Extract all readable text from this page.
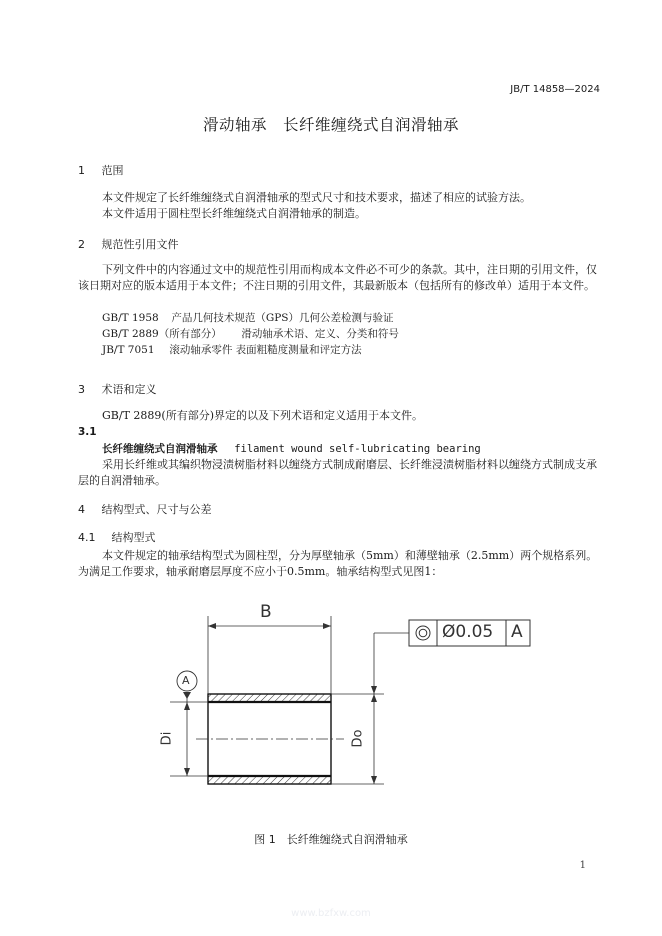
JB/T 14858—2024
滑动轴承　长纤维缠绕式自润滑轴承
1 范围
本文件规定了长纤维缠绕式自润滑轴承的型式尺寸和技术要求，描述了相应的试验方法。
本文件适用于圆柱型长纤维缠绕式自润滑轴承的制造。
2 规范性引用文件
下列文件中的内容通过文中的规范性引用而构成本文件必不可少的条款。其中，注日期的引用文件，仅该日期对应的版本适用于本文件；不注日期的引用文件，其最新版本（包括所有的修改单）适用于本文件。
GB/T 1958 产品几何技术规范（GPS）几何公差检测与验证
GB/T 2889（所有部分） 滑动轴承术语、定义、分类和符号
JB/T 7051 滚动轴承零件 表面粗糙度测量和评定方法
3 术语和定义
GB/T 2889(所有部分)界定的以及下列术语和定义适用于本文件。
3.1
长纤维缠绕式自润滑轴承 filament wound self-lubricating bearing
采用长纤维或其编织物浸渍树脂材料以缠绕方式制成耐磨层、长纤维浸渍树脂材料以缠绕方式制成支承层的自润滑轴承。
4 结构型式、尺寸与公差
4.1 结构型式
本文件规定的轴承结构型式为圆柱型，分为厚壁轴承（5mm）和薄壁轴承（2.5mm）两个规格系列。为满足工作要求，轴承耐磨层厚度不应小于0.5mm。轴承结构型式见图1：
B
A
Di	Do
Ø0.05 A
图 1　长纤维缠绕式自润滑轴承
1
www.bzfxw.com
